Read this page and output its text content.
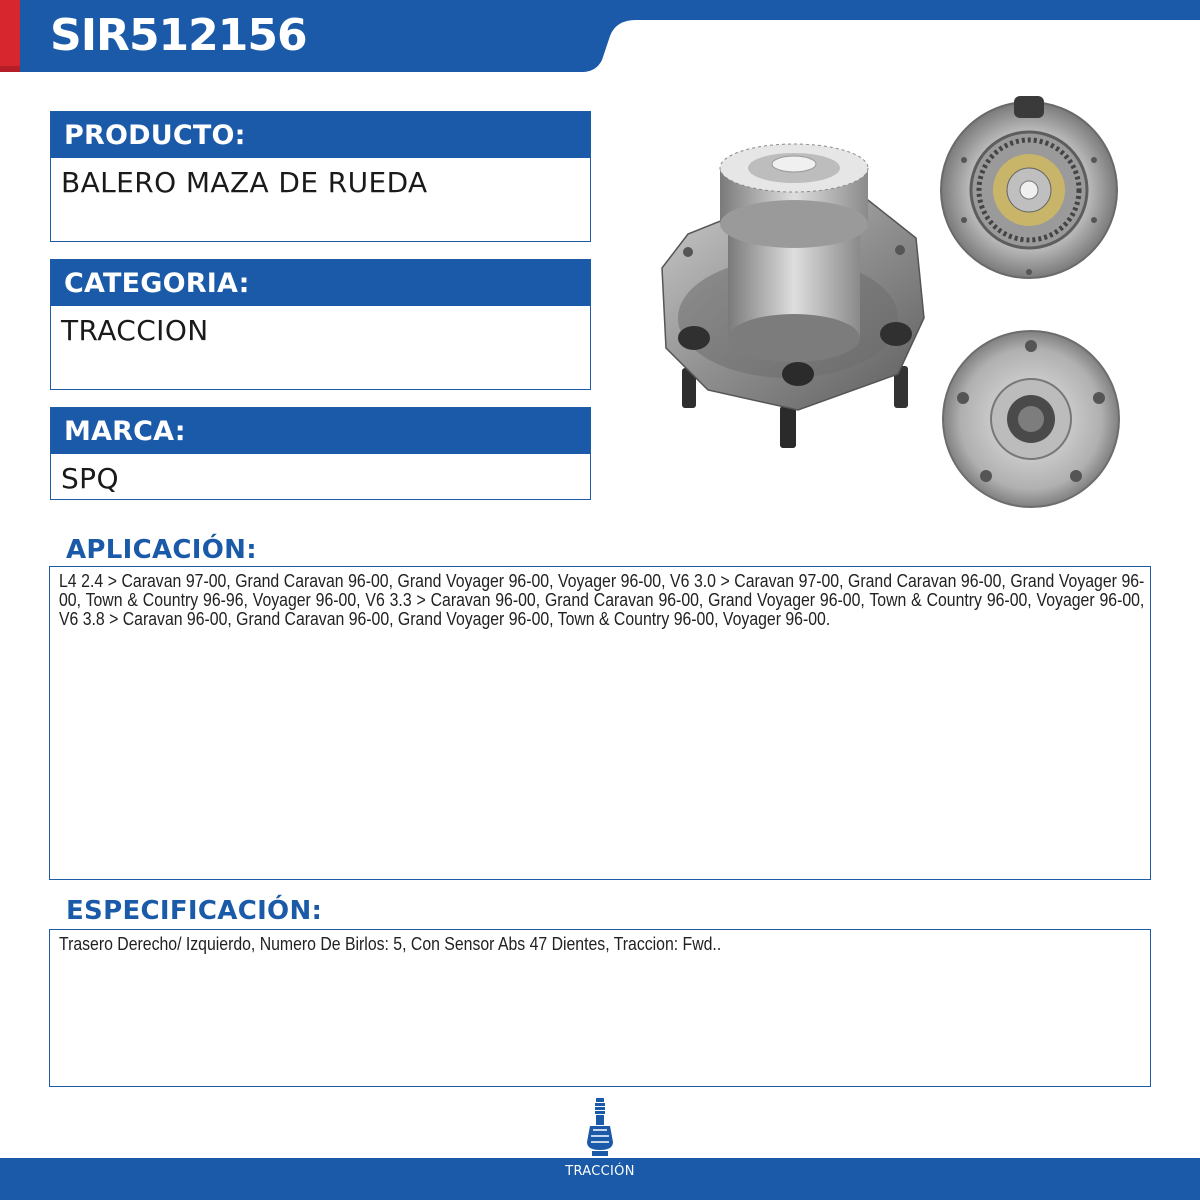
SIR512156
PRODUCTO:
BALERO MAZA DE RUEDA
CATEGORIA:
TRACCION
MARCA:
SPQ
APLICACIÓN:
L4 2.4 > Caravan 97-00, Grand Caravan 96-00, Grand Voyager 96-00, Voyager 96-00, V6 3.0 > Caravan 97-00, Grand Caravan 96-00, Grand Voyager 96-00, Town & Country 96-96, Voyager 96-00, V6 3.3 > Caravan 96-00, Grand Caravan 96-00, Grand Voyager 96-00, Town & Country 96-00, Voyager 96-00, V6 3.8 > Caravan 96-00, Grand Caravan 96-00, Grand Voyager 96-00, Town & Country 96-00, Voyager 96-00.
ESPECIFICACIÓN:
Trasero Derecho/ Izquierdo, Numero De Birlos: 5, Con Sensor Abs 47 Dientes, Traccion: Fwd..
TRACCIÓN
